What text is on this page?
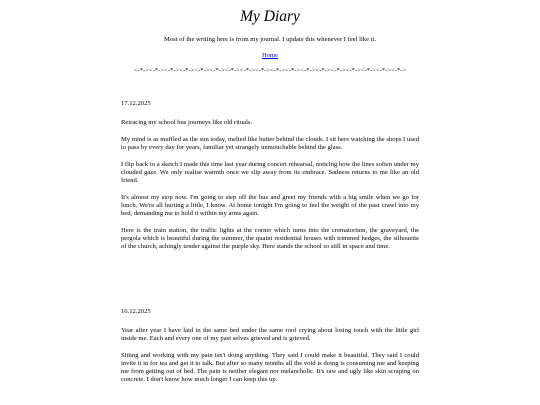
My Diary
Most of the writing here is from my journal. I update this whenever I feel like it.
Home
<-*-><-*-><-*-><-*-><-*-><-*-><-*-><-*-><-*-><-*-><-*-><-*-><-*-><-*-><-*-><-*-><-*-><-*->
17.12.2025

Retracing my school bus journeys like old rituals.

My mind is as muffled as the sun today, melted like butter behind the clouds. I sit here watching the shops I used to pass by every day for years, familiar yet strangely unmouchable behind the glass.

I flip back to a sketch I made this time last year during concert rehearsal, noticing how the lines soften under my clouded gaze. We only realise warmth once we slip away from its embrace. Sadness returns to me like an old friend.

It's almost my stop now. I'm going to step off the bus and greet my friends with a big smile when we go for lunch. We're all hurting a little, I know. At home tonight I'm going to feel the weight of the past crawl into my bed, demanding me to hold it within my arms again.

Here is the train station, the traffic lights at the corner which turns into the crematorium, the graveyard, the pergola which is beautiful during the summer, the quaint residential houses with trimmed hedges, the silhouette of the church, achingly tender against the purple sky. Here stands the school so still in space and time.

16.12.2025

Year after year I have laid in the same bed under the same roof crying about losing touch with the little girl inside me. Each and every one of my past selves grieved and is grieved.

Sitting and working with my pain isn't doing anything. They said I could make it beautiful. They said I could invite it in for tea and get it to talk. But after so many months all the void is doing is consuming me and keeping me from getting out of bed. The pain is neither elegant nor melancholic. It's raw and ugly like skin scraping on concrete. I don't know how much longer I can keep this up.
